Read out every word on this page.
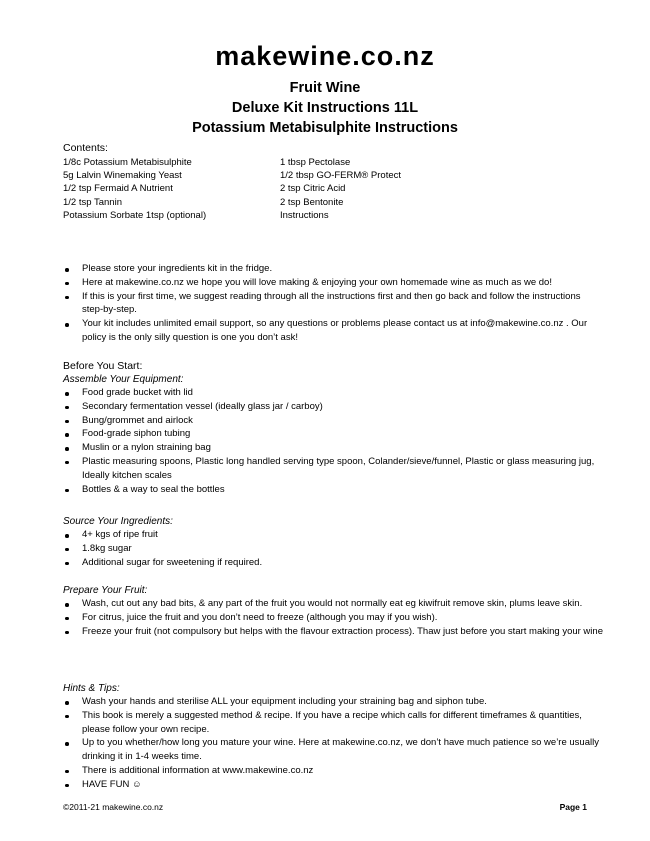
makewine.co.nz
Fruit Wine
Deluxe Kit Instructions 11L
Potassium Metabisulphite Instructions
Contents:
1/8c Potassium Metabisulphite	1 tbsp Pectolase
5g Lalvin Winemaking Yeast	1/2 tbsp GO-FERM® Protect
1/2 tsp Fermaid A Nutrient	2 tsp Citric Acid
1/2 tsp Tannin	2 tsp Bentonite
Potassium Sorbate 1tsp (optional)	Instructions
Please store your ingredients kit in the fridge.
Here at makewine.co.nz we hope you will love making & enjoying your own homemade wine as much as we do!
If this is your first time, we suggest reading through all the instructions first and then go back and follow the instructions step-by-step.
Your kit includes unlimited email support, so any questions or problems please contact us at info@makewine.co.nz . Our policy is the only silly question is one you don’t ask!
Before You Start:
Assemble Your Equipment:
Food grade bucket with lid
Secondary fermentation vessel (ideally glass jar / carboy)
Bung/grommet and airlock
Food-grade siphon tubing
Muslin or a nylon straining bag
Plastic measuring spoons, Plastic long handled serving type spoon, Colander/sieve/funnel, Plastic or glass measuring jug, Ideally kitchen scales
Bottles & a way to seal the bottles
Source Your Ingredients:
4+ kgs of ripe fruit
1.8kg sugar
Additional sugar for sweetening if required.
Prepare Your Fruit:
Wash, cut out any bad bits, & any part of the fruit you would not normally eat eg kiwifruit remove skin, plums leave skin.
For citrus, juice the fruit and you don’t need to freeze (although you may if you wish).
Freeze your fruit (not compulsory but helps with the flavour extraction process). Thaw just before you start making your wine
Hints & Tips:
Wash your hands and sterilise ALL your equipment including your straining bag and siphon tube.
This book is merely a suggested method & recipe. If you have a recipe which calls for different timeframes & quantities, please follow your own recipe.
Up to you whether/how long you mature your wine. Here at makewine.co.nz, we don’t have much patience so we’re usually drinking it in 1-4 weeks time.
There is additional information at www.makewine.co.nz
HAVE FUN ☺
©2011-21 makewine.co.nz	Page 1
